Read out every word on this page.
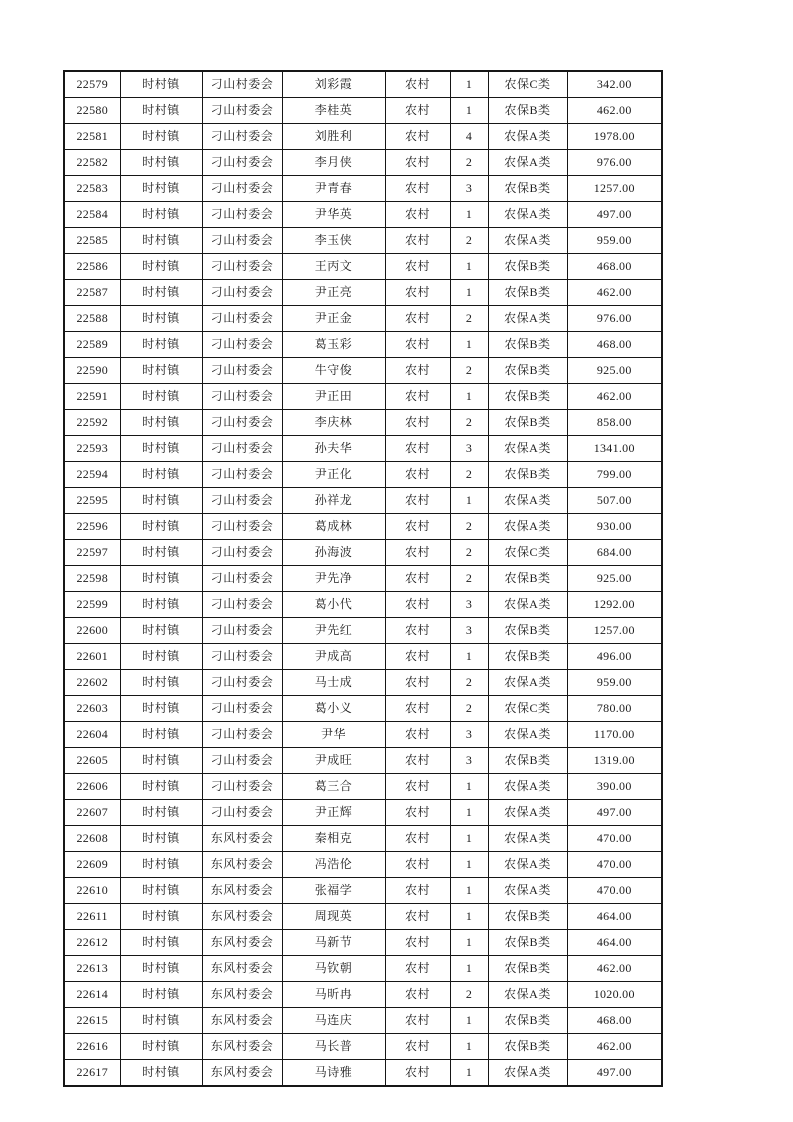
22579	时村镇	刁山村委会	刘彩霞	农村	1	农保C类	342.00
22580	时村镇	刁山村委会	李桂英	农村	1	农保B类	462.00
22581	时村镇	刁山村委会	刘胜利	农村	4	农保A类	1978.00
22582	时村镇	刁山村委会	李月侠	农村	2	农保A类	976.00
22583	时村镇	刁山村委会	尹青春	农村	3	农保B类	1257.00
22584	时村镇	刁山村委会	尹华英	农村	1	农保A类	497.00
22585	时村镇	刁山村委会	李玉侠	农村	2	农保A类	959.00
22586	时村镇	刁山村委会	王丙文	农村	1	农保B类	468.00
22587	时村镇	刁山村委会	尹正亮	农村	1	农保B类	462.00
22588	时村镇	刁山村委会	尹正金	农村	2	农保A类	976.00
22589	时村镇	刁山村委会	葛玉彩	农村	1	农保B类	468.00
22590	时村镇	刁山村委会	牛守俊	农村	2	农保B类	925.00
22591	时村镇	刁山村委会	尹正田	农村	1	农保B类	462.00
22592	时村镇	刁山村委会	李庆林	农村	2	农保B类	858.00
22593	时村镇	刁山村委会	孙夫华	农村	3	农保A类	1341.00
22594	时村镇	刁山村委会	尹正化	农村	2	农保B类	799.00
22595	时村镇	刁山村委会	孙祥龙	农村	1	农保A类	507.00
22596	时村镇	刁山村委会	葛成林	农村	2	农保A类	930.00
22597	时村镇	刁山村委会	孙海波	农村	2	农保C类	684.00
22598	时村镇	刁山村委会	尹先净	农村	2	农保B类	925.00
22599	时村镇	刁山村委会	葛小代	农村	3	农保A类	1292.00
22600	时村镇	刁山村委会	尹先红	农村	3	农保B类	1257.00
22601	时村镇	刁山村委会	尹成高	农村	1	农保B类	496.00
22602	时村镇	刁山村委会	马士成	农村	2	农保A类	959.00
22603	时村镇	刁山村委会	葛小义	农村	2	农保C类	780.00
22604	时村镇	刁山村委会	尹华	农村	3	农保A类	1170.00
22605	时村镇	刁山村委会	尹成旺	农村	3	农保B类	1319.00
22606	时村镇	刁山村委会	葛三合	农村	1	农保A类	390.00
22607	时村镇	刁山村委会	尹正辉	农村	1	农保A类	497.00
22608	时村镇	东风村委会	秦相克	农村	1	农保A类	470.00
22609	时村镇	东风村委会	冯浩伦	农村	1	农保A类	470.00
22610	时村镇	东风村委会	张福学	农村	1	农保A类	470.00
22611	时村镇	东风村委会	周现英	农村	1	农保B类	464.00
22612	时村镇	东风村委会	马新节	农村	1	农保B类	464.00
22613	时村镇	东风村委会	马钦朝	农村	1	农保B类	462.00
22614	时村镇	东风村委会	马昕冉	农村	2	农保A类	1020.00
22615	时村镇	东风村委会	马连庆	农村	1	农保B类	468.00
22616	时村镇	东风村委会	马长普	农村	1	农保B类	462.00
22617	时村镇	东风村委会	马诗雅	农村	1	农保A类	497.00
